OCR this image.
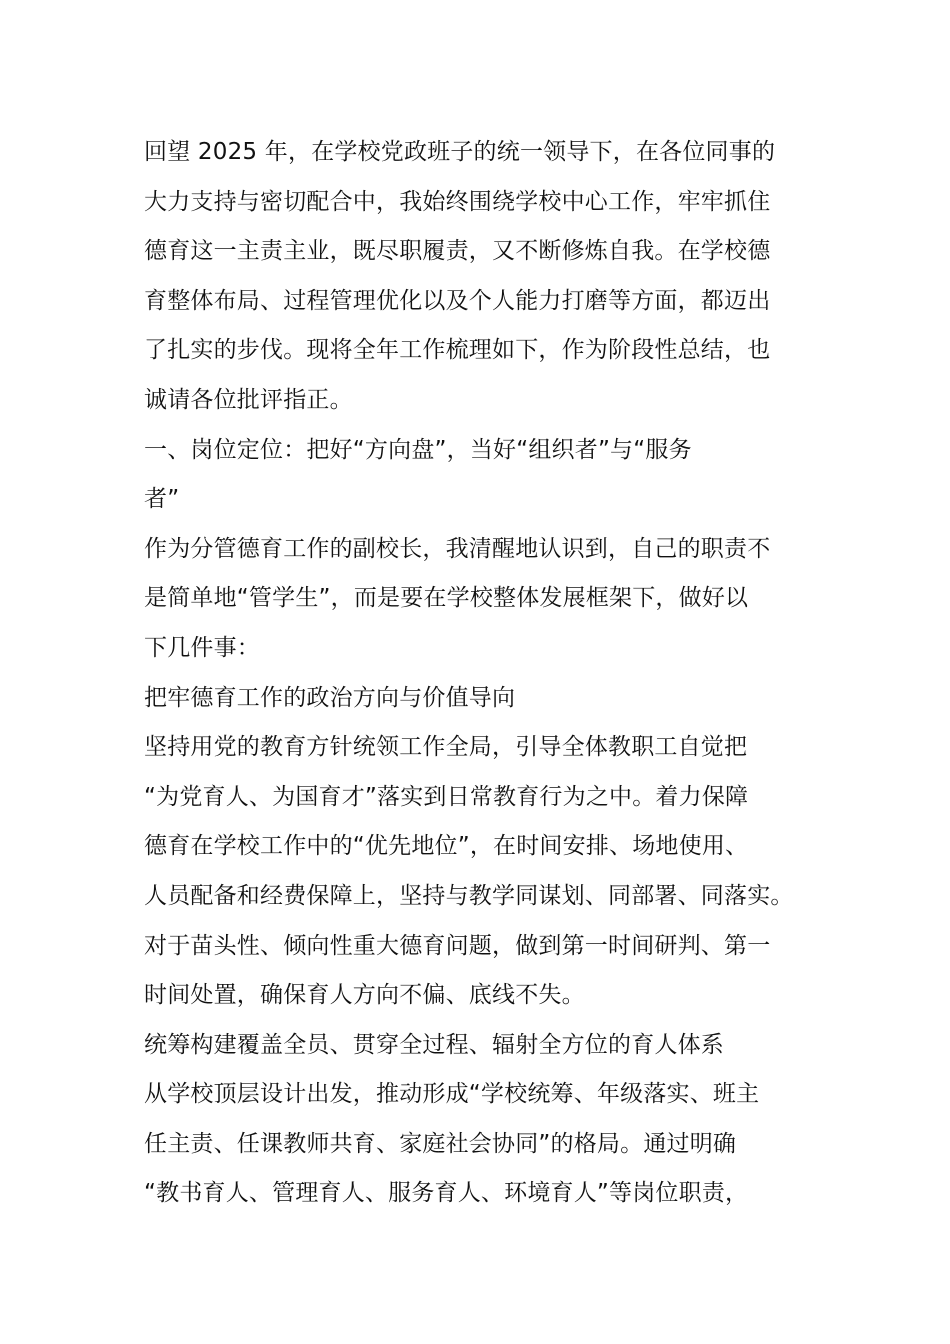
回望 2025 年，在学校党政班子的统一领导下，在各位同事的
大力支持与密切配合中，我始终围绕学校中心工作，牢牢抓住
德育这一主责主业，既尽职履责，又不断修炼自我。在学校德
育整体布局、过程管理优化以及个人能力打磨等方面，都迈出
了扎实的步伐。现将全年工作梳理如下，作为阶段性总结，也
诚请各位批评指正。
一、岗位定位：把好“方向盘”，当好“组织者”与“服务
者”
作为分管德育工作的副校长，我清醒地认识到，自己的职责不
是简单地“管学生”，而是要在学校整体发展框架下，做好以
下几件事：
把牢德育工作的政治方向与价值导向
坚持用党的教育方针统领工作全局，引导全体教职工自觉把
“为党育人、为国育才”落实到日常教育行为之中。着力保障
德育在学校工作中的“优先地位”，在时间安排、场地使用、
人员配备和经费保障上，坚持与教学同谋划、同部署、同落实。
对于苗头性、倾向性重大德育问题，做到第一时间研判、第一
时间处置，确保育人方向不偏、底线不失。
统筹构建覆盖全员、贯穿全过程、辐射全方位的育人体系
从学校顶层设计出发，推动形成“学校统筹、年级落实、班主
任主责、任课教师共育、家庭社会协同”的格局。通过明确
“教书育人、管理育人、服务育人、环境育人”等岗位职责，
